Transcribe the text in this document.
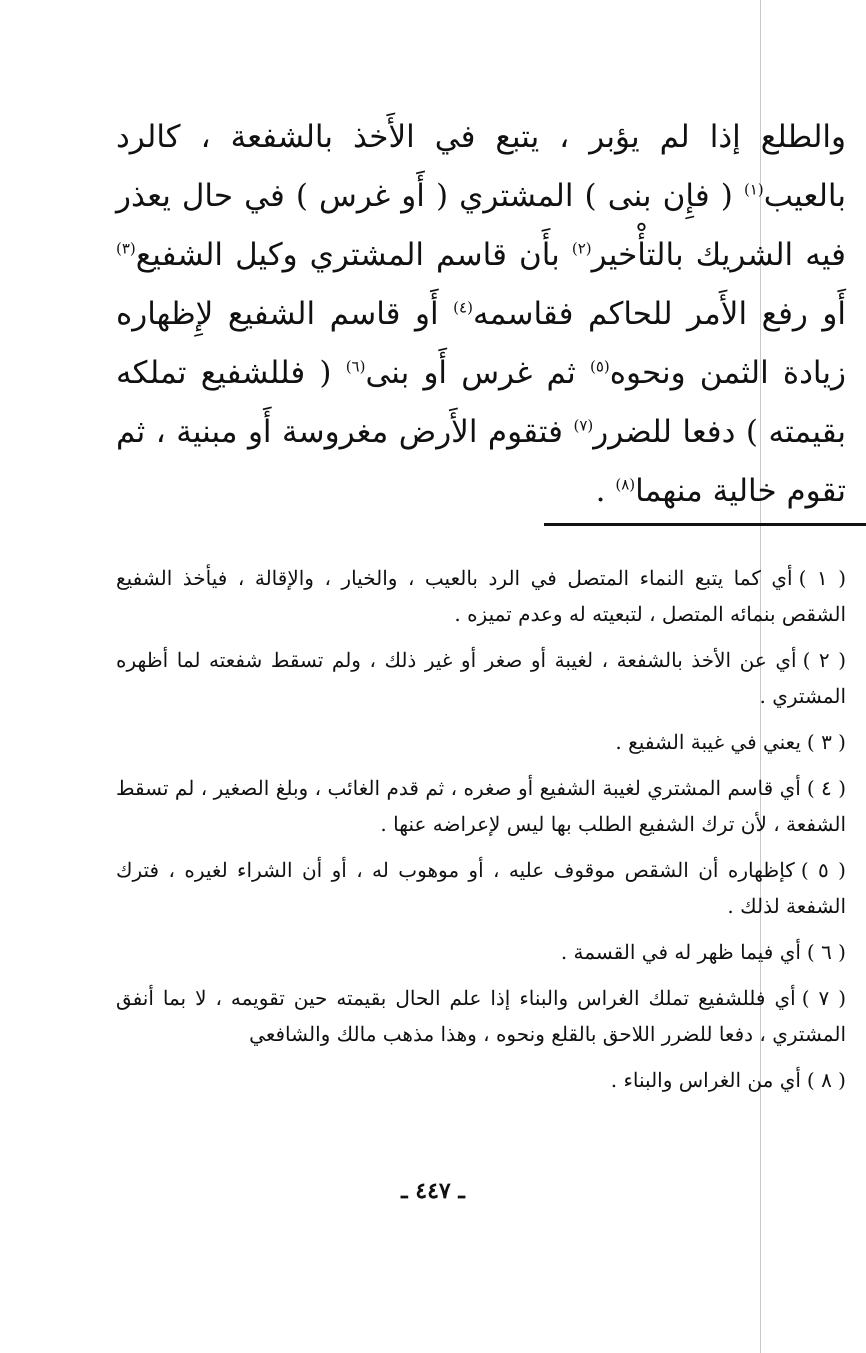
والطلع إذا لم يؤبر ، يتبع في الأَخذ بالشفعة ، كالرد بالعيب$^{(١)}$ ( فإِن بنى ) المشتري ( أَو غرس ) في حال يعذر فيه الشريك بالتأْخير$^{(٢)}$ بأَن قاسم المشتري وكيل الشفيع$^{(٣)}$ أَو رفع الأَمر للحاكم فقاسمه$^{(٤)}$ أَو قاسم الشفيع لإِظهاره زيادة الثمن ونحوه$^{(٥)}$ ثم غرس أَو بنى$^{(٦)}$ ( فللشفيع تملكه بقيمته ) دفعا للضرر$^{(٧)}$ فتقوم الأَرض مغروسة أَو مبنية ، ثم تقوم خالية منهما$^{(٨)}$ .

( ١ )أي كما يتبع النماء المتصل في الرد بالعيب ، والخيار ، والإقالة ، فيأخذ الشفيع الشقص بنمائه المتصل ، لتبعيته له وعدم تميزه .
( ٢ )أي عن الأخذ بالشفعة ، لغيبة أو صغر أو غير ذلك ، ولم تسقط شفعته لما أظهره المشتري .
( ٣ )يعني في غيبة الشفيع .
( ٤ )أي قاسم المشتري لغيبة الشفيع أو صغره ، ثم قدم الغائب ، وبلغ الصغير ، لم تسقط الشفعة ، لأن ترك الشفيع الطلب بها ليس لإعراضه عنها .
( ٥ )كإظهاره أن الشقص موقوف عليه ، أو موهوب له ، أو أن الشراء لغيره ، فترك الشفعة لذلك .
( ٦ )أي فيما ظهر له في القسمة .
( ٧ )أي فللشفيع تملك الغراس والبناء إذا علم الحال بقيمته حين تقويمه ، لا بما أنفق المشتري ، دفعا للضرر اللاحق بالقلع ونحوه ، وهذا مذهب مالك والشافعي
( ٨ )أي من الغراس والبناء .
ـ ٤٤٧ ـ
